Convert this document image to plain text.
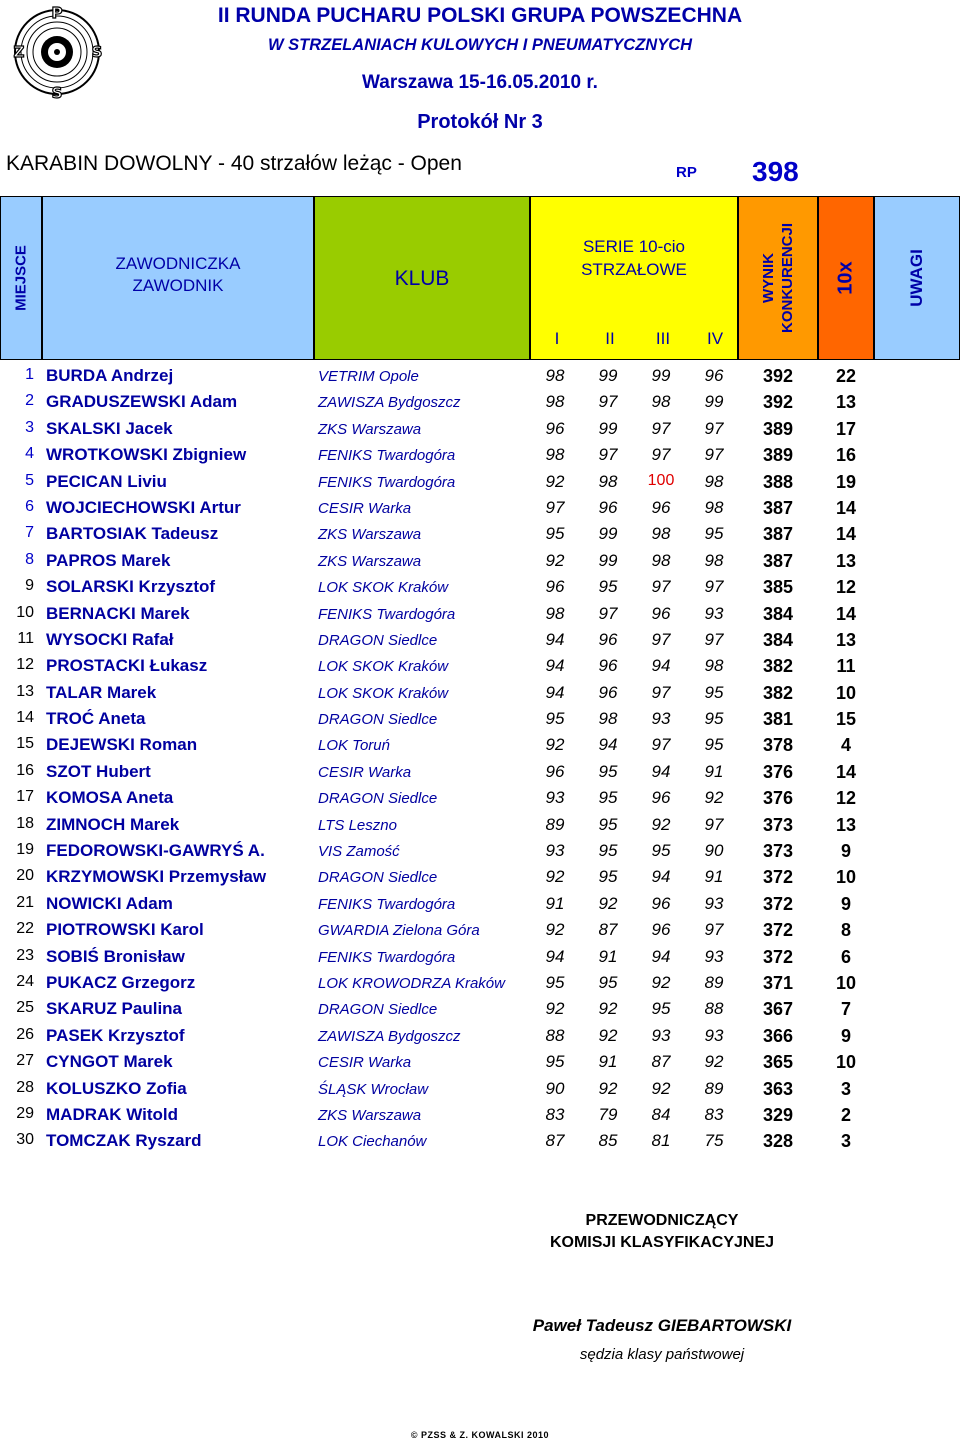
P
Z	S
S
II RUNDA PUCHARU POLSKI GRUPA POWSZECHNA
W STRZELANIACH KULOWYCH I PNEUMATYCZNYCH
Warszawa 15-16.05.2010 r.
Protokół Nr 3
KARABIN DOWOLNY - 40 strzałów leżąc - Open	RP 398
MIEJSCE	ZAWODNICZKA
ZAWODNIK	KLUB
SERIE 10-cio
STRZAŁOWE
I	II	III	IV
WYNIK KONKURENCJI 10x	UWAGI
1 BURDA Andrzej	VETRIM Opole	98	99	99	96	392	22
2 GRADUSZEWSKI Adam	ZAWISZA Bydgoszcz	98	97	98	99	392	13
3 SKALSKI Jacek	ZKS Warszawa	96	99	97	97	389	17
4 WROTKOWSKI Zbigniew	FENIKS Twardogóra	98	97	97	97	389	16
5 PECICAN Liviu	FENIKS Twardogóra	92	98	100	98	388	19
6 WOJCIECHOWSKI Artur	CESIR Warka	97	96	96	98	387	14
7 BARTOSIAK Tadeusz	ZKS Warszawa	95	99	98	95	387	14
8 PAPROS Marek	ZKS Warszawa	92	99	98	98	387	13
9 SOLARSKI Krzysztof	LOK SKOK Kraków	96	95	97	97	385	12
10 BERNACKI Marek	FENIKS Twardogóra	98	97	96	93	384	14
11 WYSOCKI Rafał	DRAGON Siedlce	94	96	97	97	384	13
12 PROSTACKI Łukasz	LOK SKOK Kraków	94	96	94	98	382	11
13 TALAR Marek	LOK SKOK Kraków	94	96	97	95	382	10
14 TROĆ Aneta	DRAGON Siedlce	95	98	93	95	381	15
15 DEJEWSKI Roman	LOK Toruń	92	94	97	95	378	4
16 SZOT Hubert	CESIR Warka	96	95	94	91	376	14
17 KOMOSA Aneta	DRAGON Siedlce	93	95	96	92	376	12
18 ZIMNOCH Marek	LTS Leszno	89	95	92	97	373	13
19 FEDOROWSKI-GAWRYŚ A.	VIS Zamość	93	95	95	90	373	9
20 KRZYMOWSKI Przemysław	DRAGON Siedlce	92	95	94	91	372	10
21 NOWICKI Adam	FENIKS Twardogóra	91	92	96	93	372	9
22 PIOTROWSKI Karol	GWARDIA Zielona Góra	92	87	96	97	372	8
23 SOBIŚ Bronisław	FENIKS Twardogóra	94	91	94	93	372	6
24 PUKACZ Grzegorz	LOK KROWODRZA Kraków	95	95	92	89	371	10
25 SKARUZ Paulina	DRAGON Siedlce	92	92	95	88	367	7
26 PASEK Krzysztof	ZAWISZA Bydgoszcz	88	92	93	93	366	9
27 CYNGOT Marek	CESIR Warka	95	91	87	92	365	10
28 KOLUSZKO Zofia	ŚLĄSK Wrocław	90	92	92	89	363	3
29 MADRAK Witold	ZKS Warszawa	83	79	84	83	329	2
30 TOMCZAK Ryszard	LOK Ciechanów	87	85	81	75	328	3
PRZEWODNICZĄCY
KOMISJI KLASYFIKACYJNEJ
Paweł Tadeusz GIEBARTOWSKI
sędzia klasy państwowej
© PZSS & Z. KOWALSKI 2010
